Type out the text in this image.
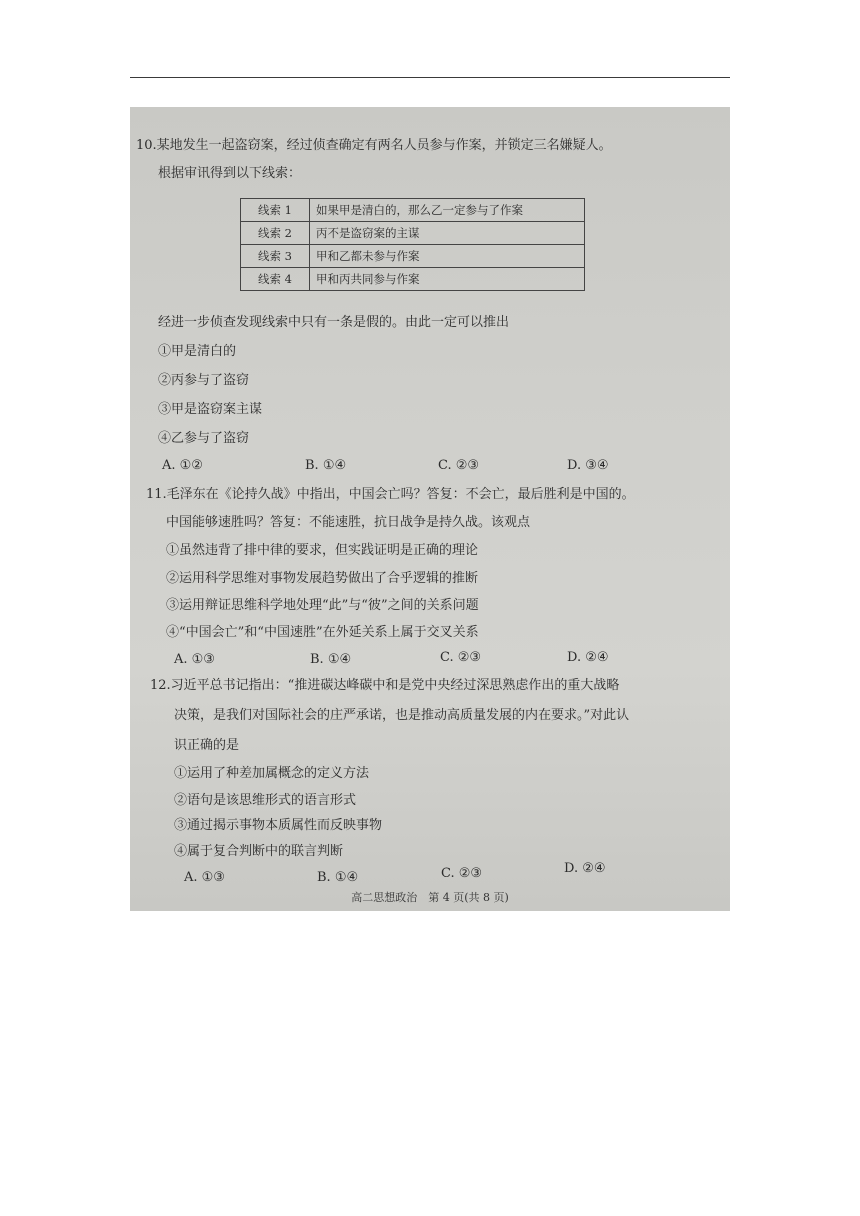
10.某地发生一起盗窃案，经过侦查确定有两名人员参与作案，并锁定三名嫌疑人。
根据审讯得到以下线索：
线索 1	如果甲是清白的，那么乙一定参与了作案
线索 2	丙不是盗窃案的主谋
线索 3	甲和乙都未参与作案
线索 4	甲和丙共同参与作案
经进一步侦查发现线索中只有一条是假的。由此一定可以推出
①甲是清白的
②丙参与了盗窃
③甲是盗窃案主谋
④乙参与了盗窃
A. ①②	B. ①④	C. ②③	D. ③④
11.毛泽东在《论持久战》中指出，中国会亡吗？答复：不会亡，最后胜利是中国的。
中国能够速胜吗？答复：不能速胜，抗日战争是持久战。该观点
①虽然违背了排中律的要求，但实践证明是正确的理论
②运用科学思维对事物发展趋势做出了合乎逻辑的推断
③运用辩证思维科学地处理“此”与“彼”之间的关系问题
④“中国会亡”和“中国速胜”在外延关系上属于交叉关系
A. ①③	B. ①④	C. ②③	D. ②④
12.习近平总书记指出：“推进碳达峰碳中和是党中央经过深思熟虑作出的重大战略
决策，是我们对国际社会的庄严承诺，也是推动高质量发展的内在要求。”对此认
识正确的是
①运用了种差加属概念的定义方法
②语句是该思维形式的语言形式
③通过揭示事物本质属性而反映事物
④属于复合判断中的联言判断
A. ①③	B. ①④	C. ②③	D. ②④
高二思想政治　第 4 页(共 8 页)
